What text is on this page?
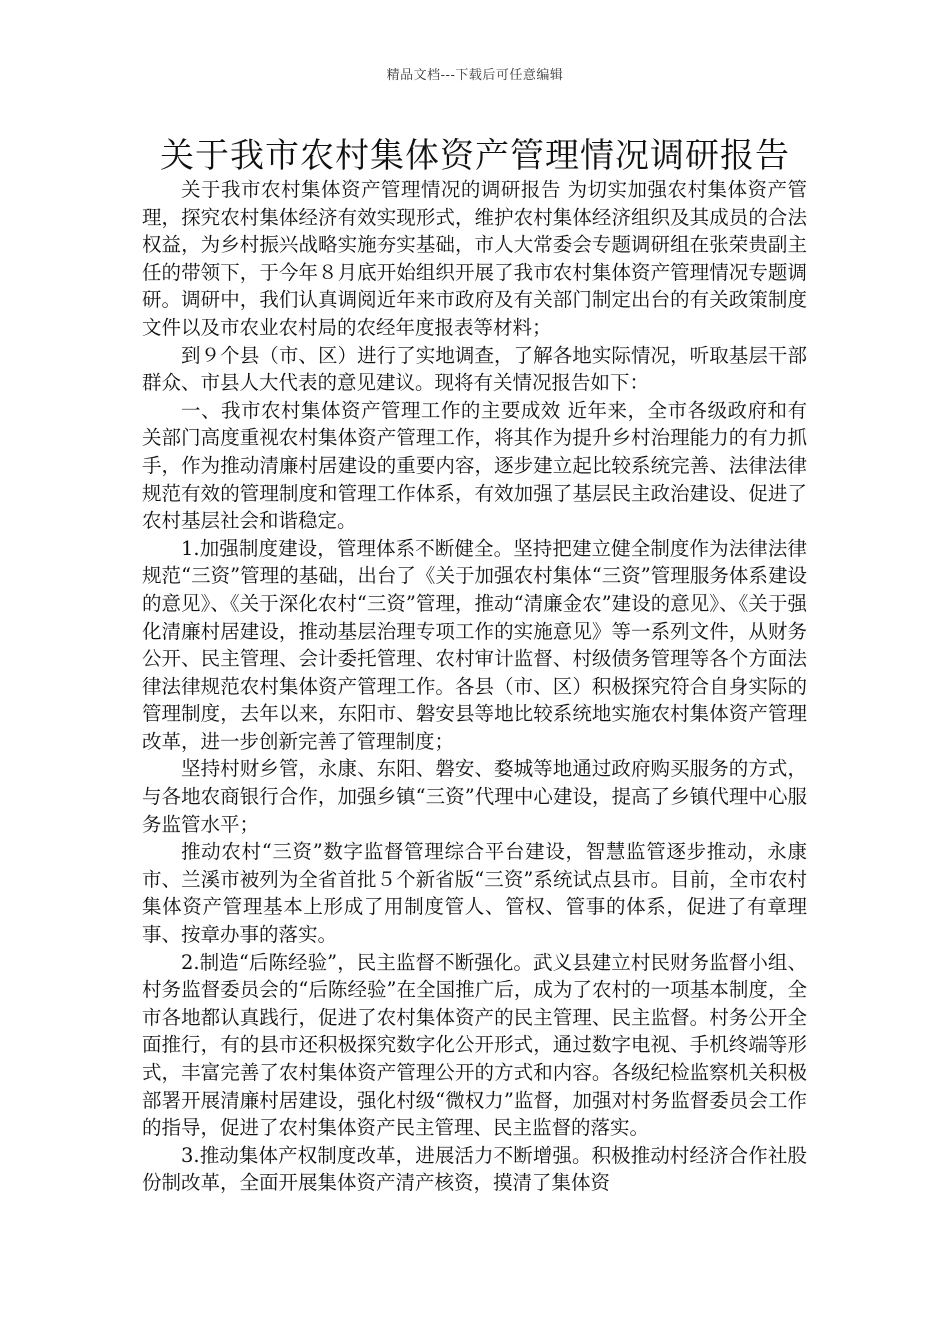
精品文档---下载后可任意编辑
关于我市农村集体资产管理情况调研报告

关于我市农村集体资产管理情况的调研报告 为切实加强农村集体资产管理，探究农村集体经济有效实现形式，维护农村集体经济组织及其成员的合法权益，为乡村振兴战略实施夯实基础，市人大常委会专题调研组在张荣贵副主任的带领下，于今年８月底开始组织开展了我市农村集体资产管理情况专题调研。调研中，我们认真调阅近年来市政府及有关部门制定出台的有关政策制度文件以及市农业农村局的农经年度报表等材料；

到９个县（市、区）进行了实地调查，了解各地实际情况，听取基层干部群众、市县人大代表的意见建议。现将有关情况报告如下：

一、我市农村集体资产管理工作的主要成效 近年来，全市各级政府和有关部门高度重视农村集体资产管理工作，将其作为提升乡村治理能力的有力抓手，作为推动清廉村居建设的重要内容，逐步建立起比较系统完善、法律法律规范有效的管理制度和管理工作体系，有效加强了基层民主政治建设、促进了农村基层社会和谐稳定。

1.加强制度建设，管理体系不断健全。坚持把建立健全制度作为法律法律规范“三资”管理的基础，出台了《关于加强农村集体“三资”管理服务体系建设的意见》、《关于深化农村“三资”管理，推动“清廉金农”建设的意见》、《关于强化清廉村居建设，推动基层治理专项工作的实施意见》等一系列文件，从财务公开、民主管理、会计委托管理、农村审计监督、村级债务管理等各个方面法律法律规范农村集体资产管理工作。各县（市、区）积极探究符合自身实际的管理制度，去年以来，东阳市、磐安县等地比较系统地实施农村集体资产管理改革，进一步创新完善了管理制度；

坚持村财乡管，永康、东阳、磐安、婺城等地通过政府购买服务的方式，与各地农商银行合作，加强乡镇“三资”代理中心建设，提高了乡镇代理中心服务监管水平；

推动农村“三资”数字监督管理综合平台建设，智慧监管逐步推动，永康市、兰溪市被列为全省首批５个新省版“三资”系统试点县市。目前，全市农村集体资产管理基本上形成了用制度管人、管权、管事的体系，促进了有章理事、按章办事的落实。

2.制造“后陈经验”，民主监督不断强化。武义县建立村民财务监督小组、村务监督委员会的“后陈经验”在全国推广后，成为了农村的一项基本制度，全市各地都认真践行，促进了农村集体资产的民主管理、民主监督。村务公开全面推行，有的县市还积极探究数字化公开形式，通过数字电视、手机终端等形式，丰富完善了农村集体资产管理公开的方式和内容。各级纪检监察机关积极部署开展清廉村居建设，强化村级“微权力”监督，加强对村务监督委员会工作的指导，促进了农村集体资产民主管理、民主监督的落实。

3.推动集体产权制度改革，进展活力不断增强。积极推动村经济合作社股份制改革，全面开展集体资产清产核资，摸清了集体资
